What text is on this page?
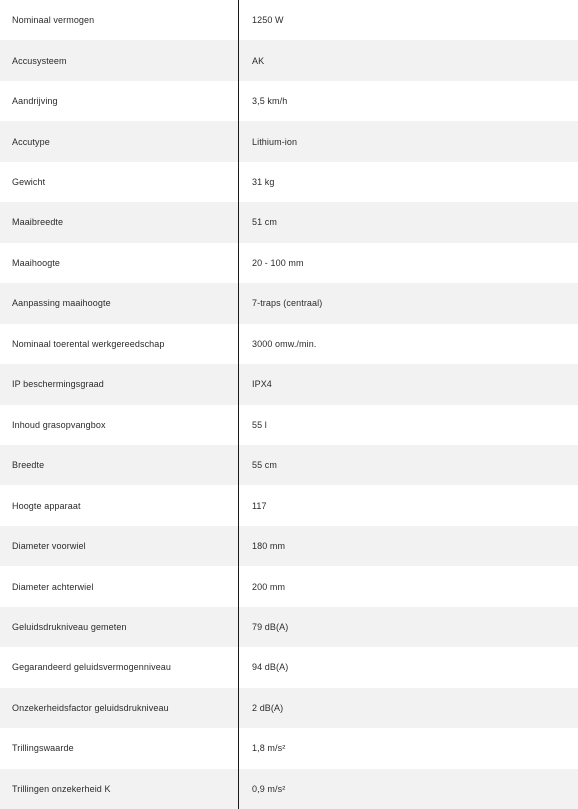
Nominaal vermogen	1250 W
Accusysteem	AK
Aandrijving	3,5 km/h
Accutype	Lithium-ion
Gewicht	31 kg
Maaibreedte	51 cm
Maaihoogte	20 - 100 mm
Aanpassing maaihoogte	7-traps (centraal)
Nominaal toerental werkgereedschap	3000 omw./min.
IP beschermingsgraad	IPX4
Inhoud grasopvangbox	55 l
Breedte	55 cm
Hoogte apparaat	117
Diameter voorwiel	180 mm
Diameter achterwiel	200 mm
Geluidsdrukniveau gemeten	79 dB(A)
Gegarandeerd geluidsvermogenniveau	94 dB(A)
Onzekerheidsfactor geluidsdrukniveau	2 dB(A)
Trillingswaarde	1,8 m/s²
Trillingen onzekerheid K	0,9 m/s²
